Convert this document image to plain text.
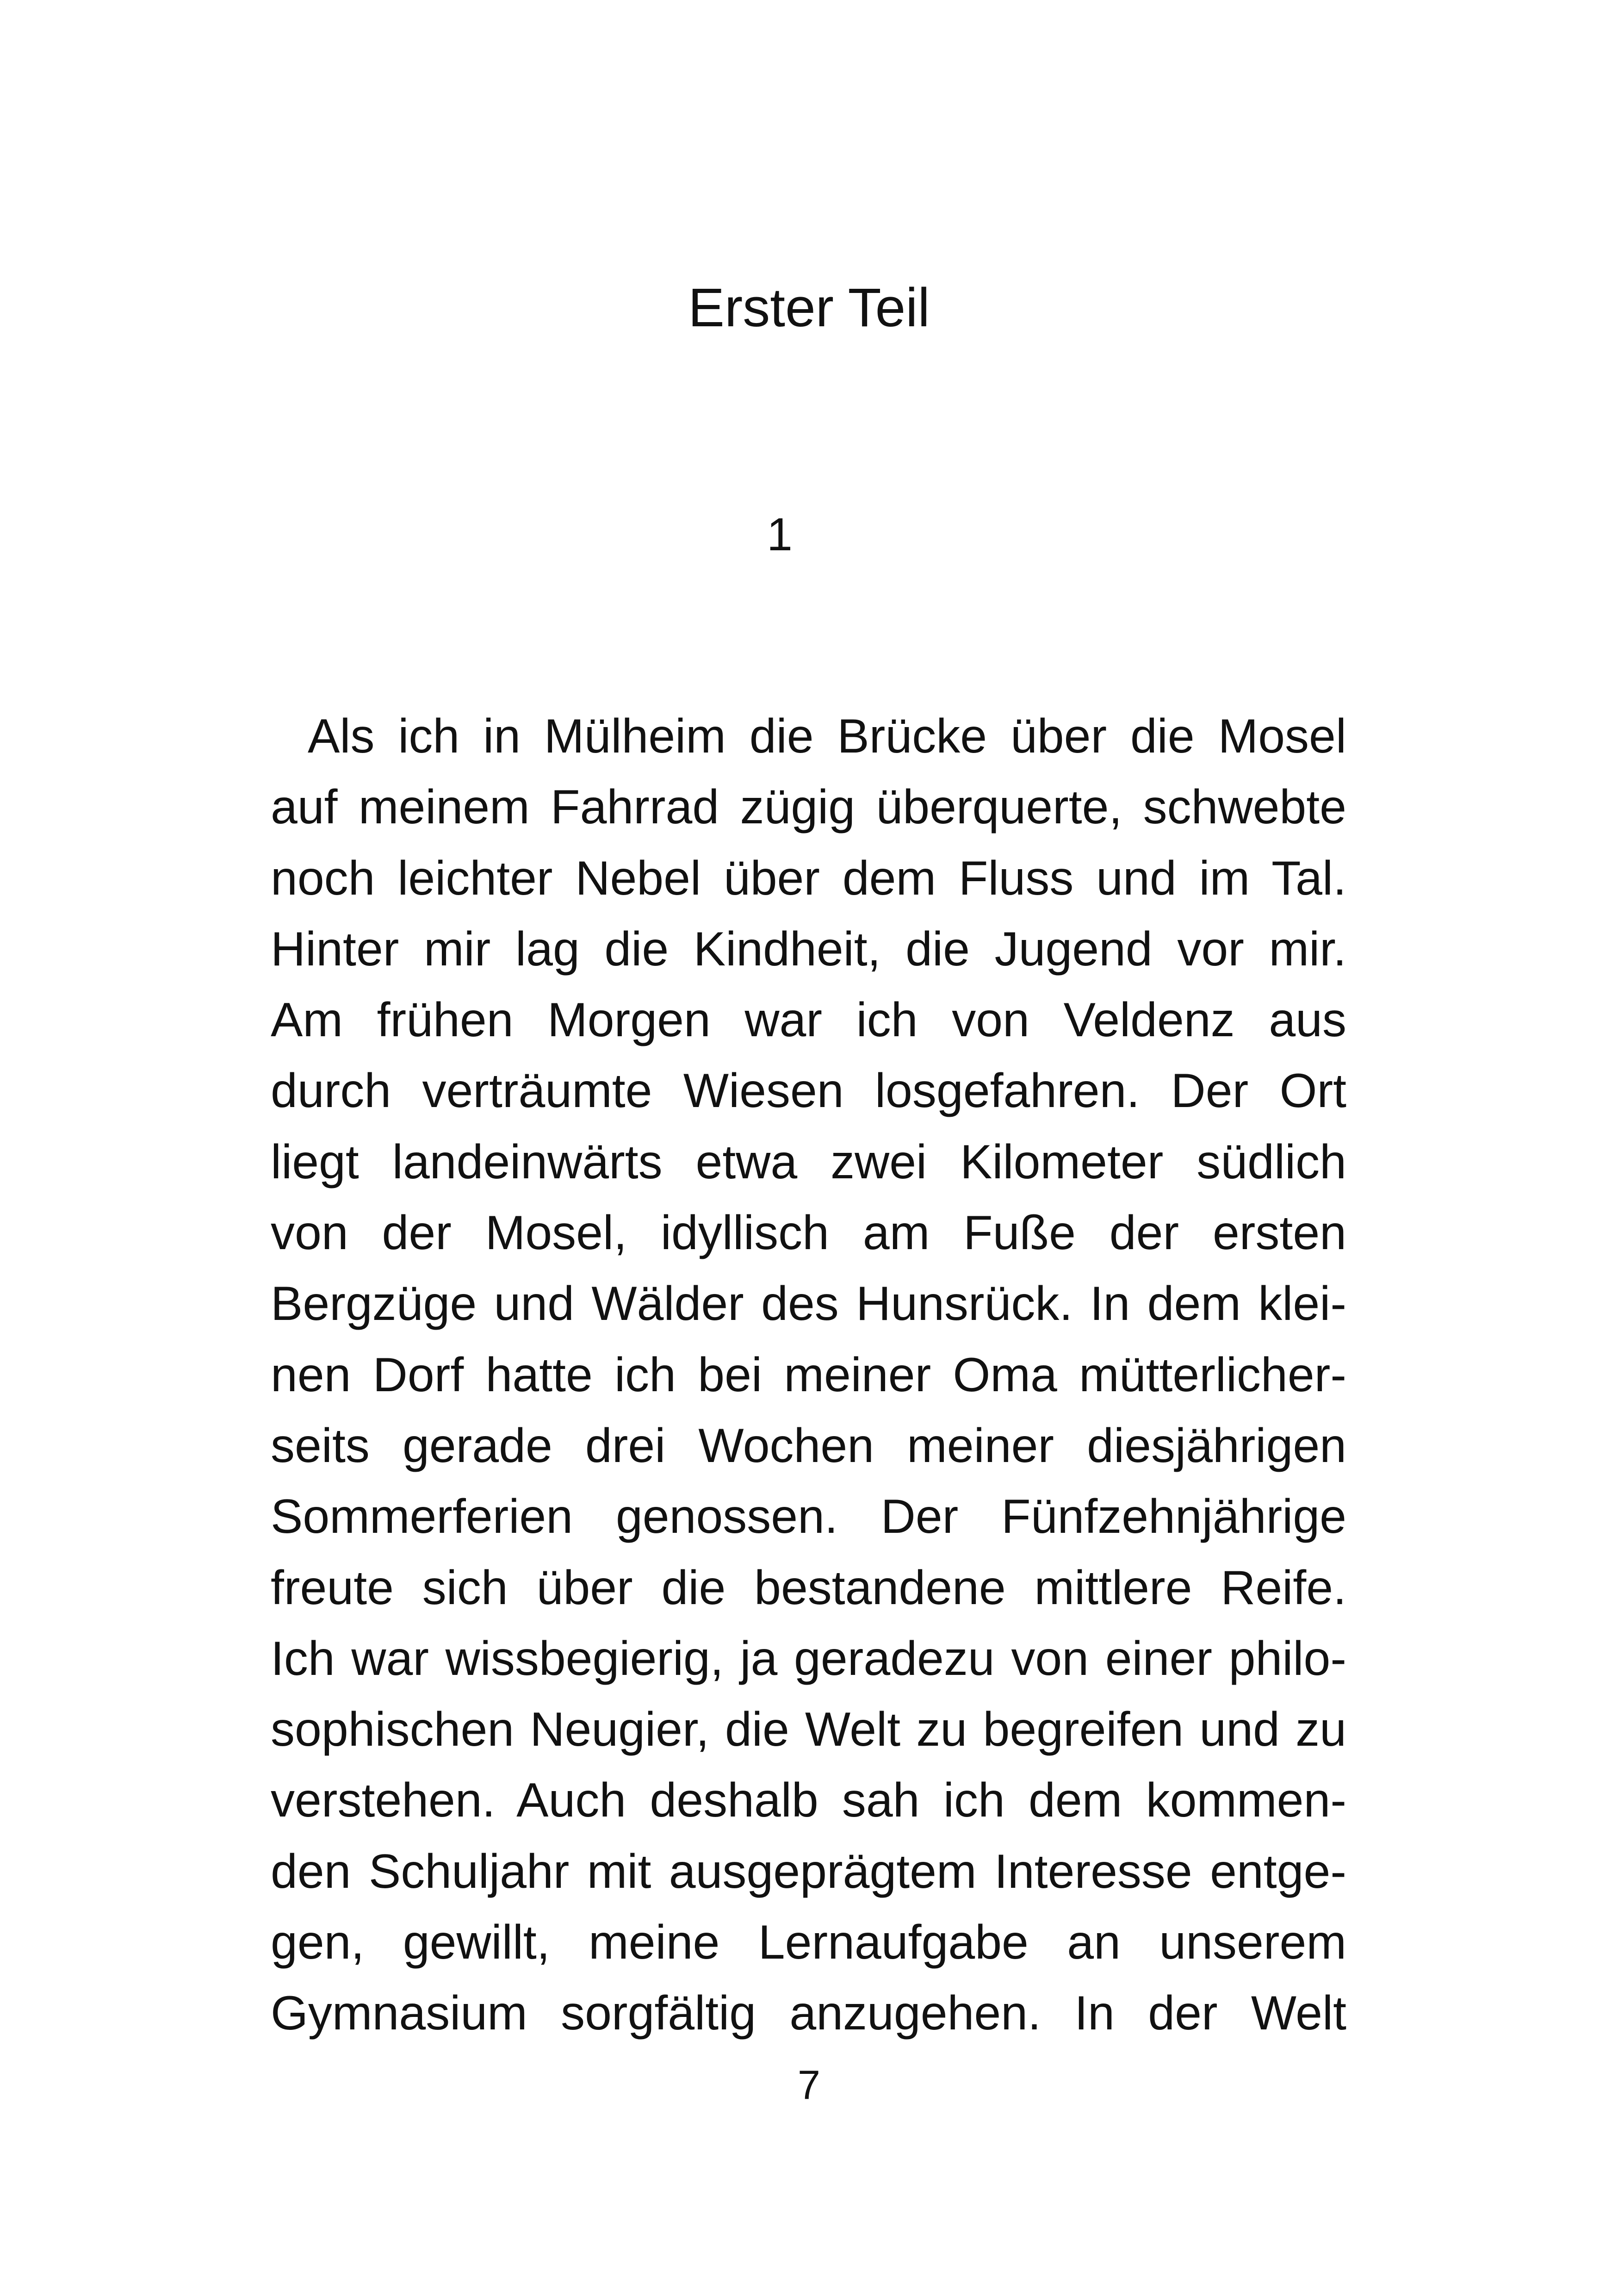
Erster Teil
1
Als ich in Mülheim die Brücke über die Mosel
auf meinem Fahrrad zügig überquerte, schwebte
noch leichter Nebel über dem Fluss und im Tal.
Hinter mir lag die Kindheit, die Jugend vor mir.
Am frühen Morgen war ich von Veldenz aus
durch verträumte Wiesen losgefahren. Der Ort
liegt landeinwärts etwa zwei Kilometer südlich
von der Mosel, idyllisch am Fuße der ersten
Bergzüge und Wälder des Hunsrück. In dem klei-
nen Dorf hatte ich bei meiner Oma mütterlicher-
seits gerade drei Wochen meiner diesjährigen
Sommerferien genossen. Der Fünfzehnjährige
freute sich über die bestandene mittlere Reife.
Ich war wissbegierig, ja geradezu von einer philo-
sophischen Neugier, die Welt zu begreifen und zu
verstehen. Auch deshalb sah ich dem kommen-
den Schuljahr mit ausgeprägtem Interesse entge-
gen, gewillt, meine Lernaufgabe an unserem
Gymnasium sorgfältig anzugehen. In der Welt
7
